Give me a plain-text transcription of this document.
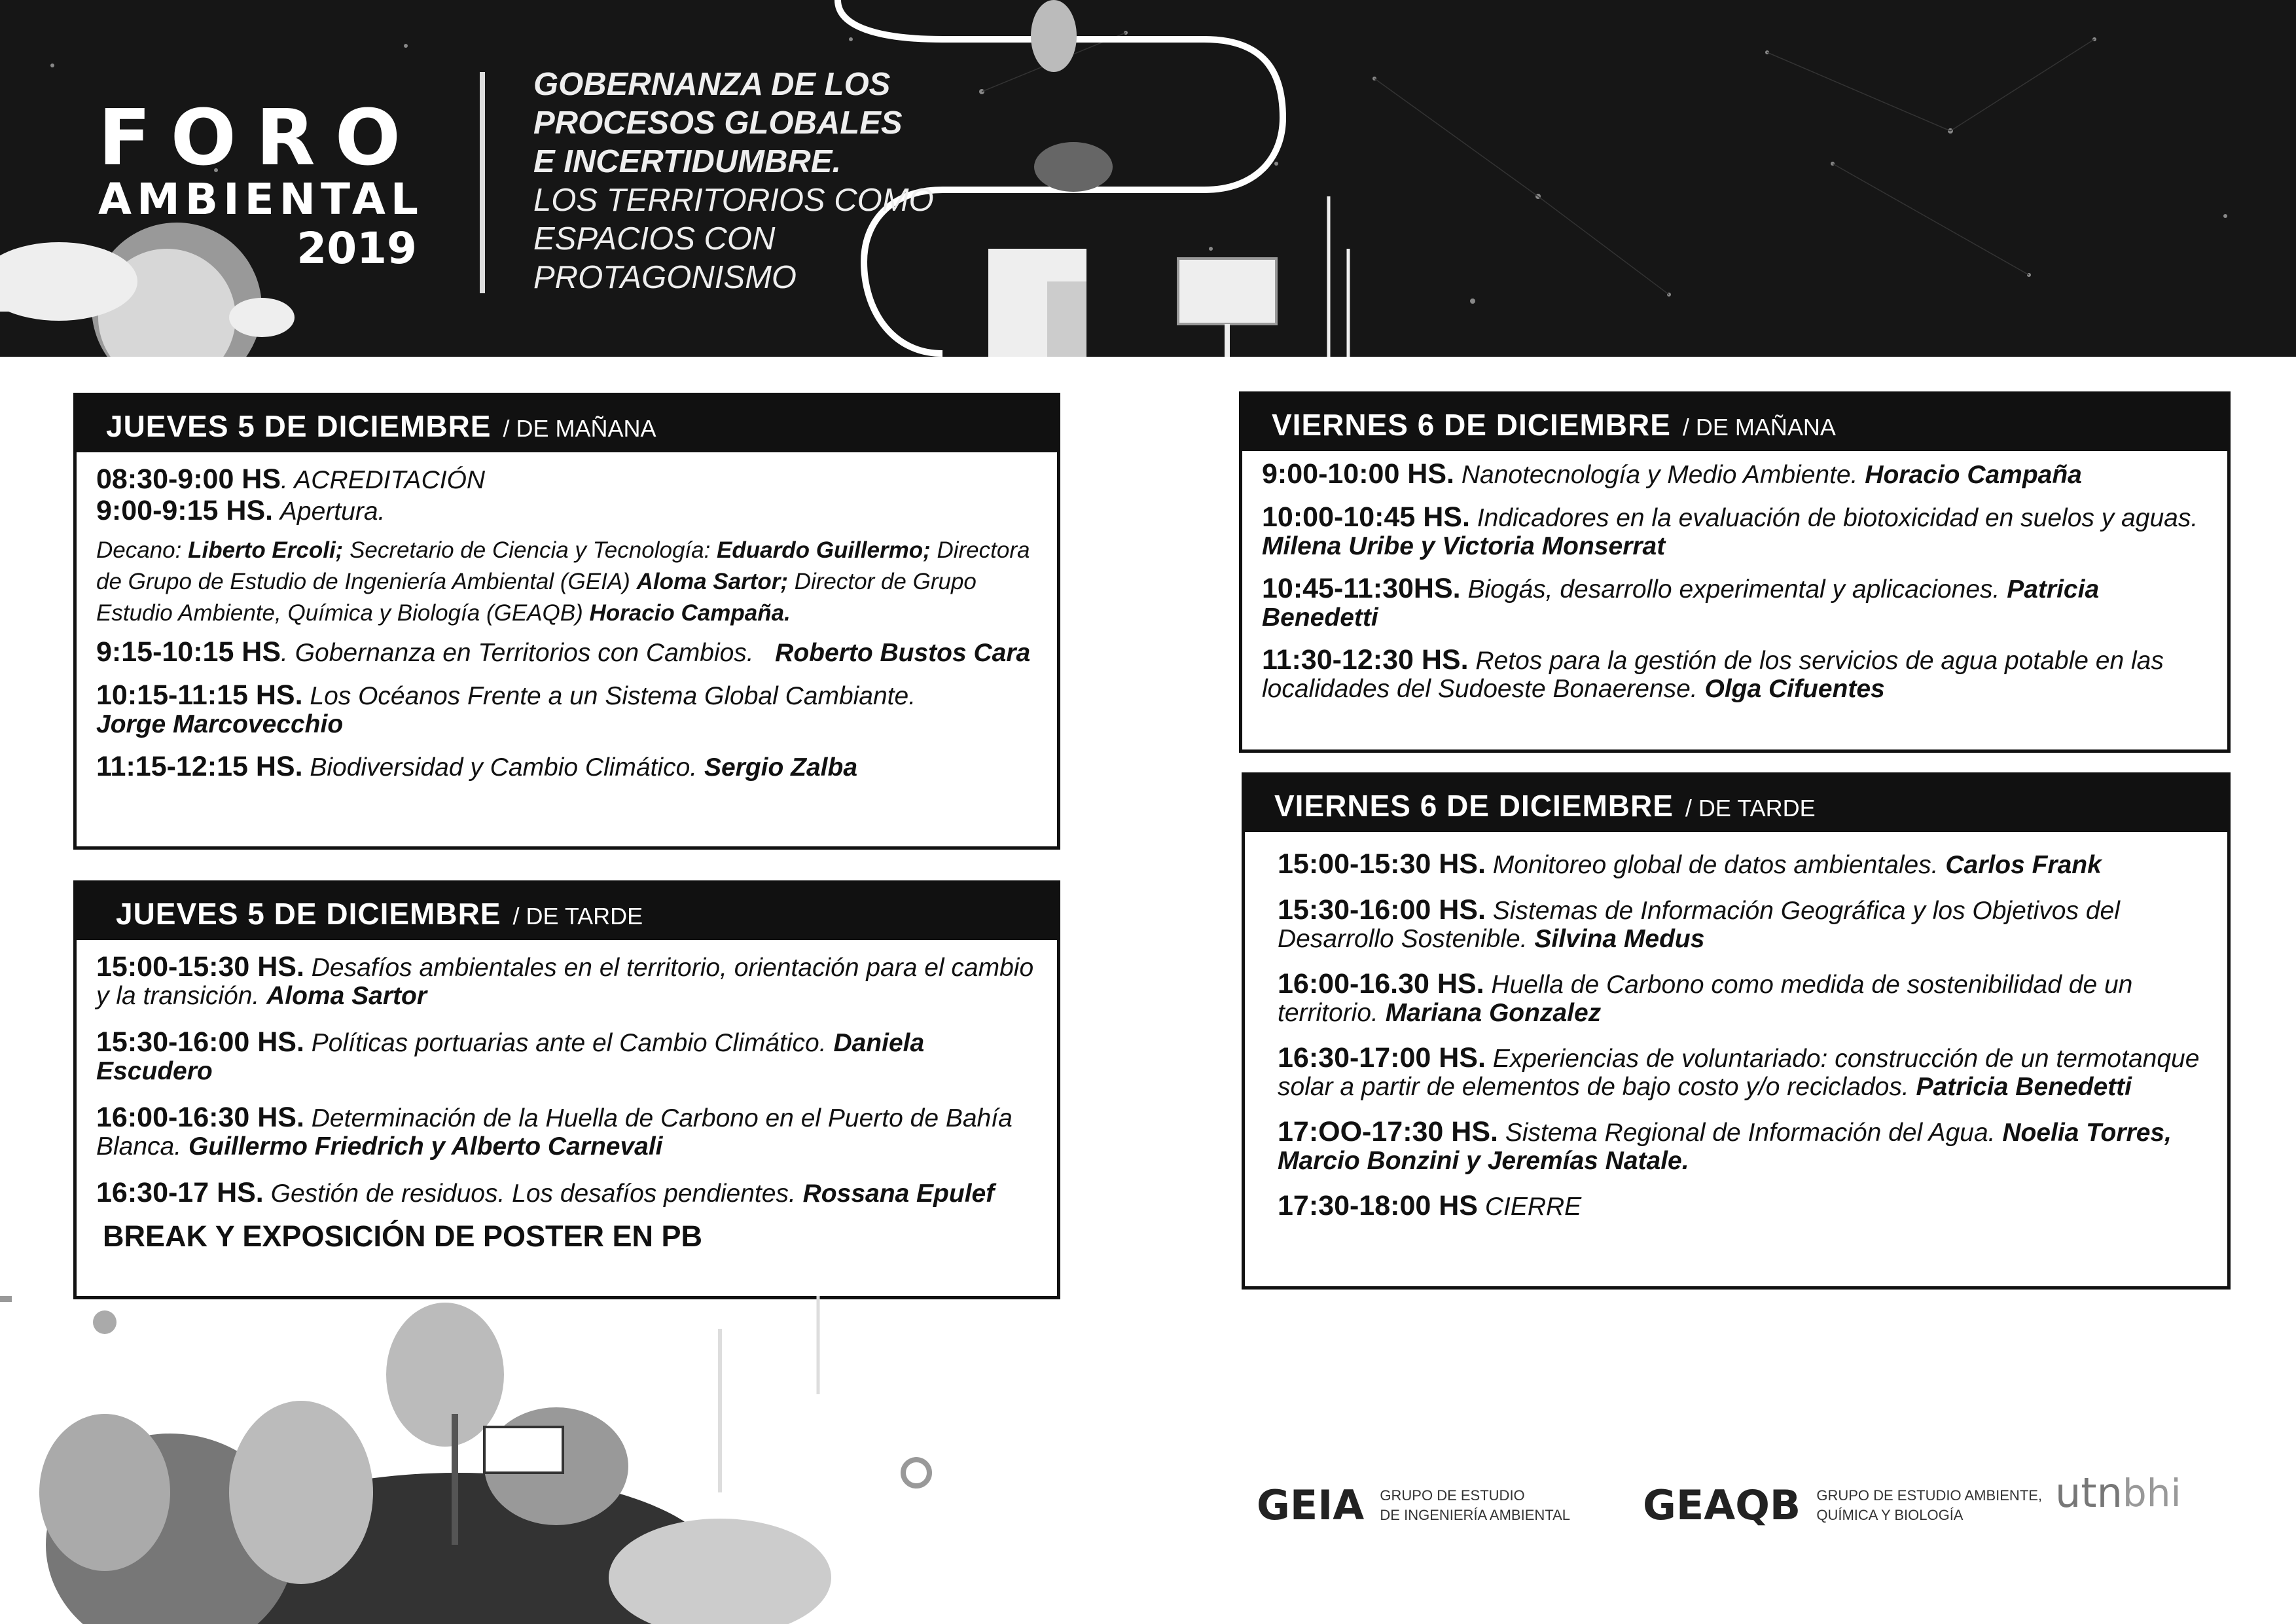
FORO
AMBIENTAL
2019
GOBERNANZA DE LOS
PROCESOS GLOBALES
E INCERTIDUMBRE.
LOS TERRITORIOS COMO
ESPACIOS CON
PROTAGONISMO
JUEVES 5 DE DICIEMBRE / DE MAÑANA
08:30-9:00 HS. ACREDITACIÓN
9:00-9:15 HS. Apertura.
Decano: Liberto Ercoli; Secretario de Ciencia y Tecnología: Eduardo Guillermo; Directora de Grupo de Estudio de Ingeniería Ambiental (GEIA) Aloma Sartor; Director de Grupo Estudio Ambiente, Química y Biología (GEAQB) Horacio Campaña.
9:15-10:15 HS. Gobernanza en Territorios con Cambios. Roberto Bustos Cara
10:15-11:15 HS. Los Océanos Frente a un Sistema Global Cambiante.
Jorge Marcovecchio
11:15-12:15 HS. Biodiversidad y Cambio Climático. Sergio Zalba
JUEVES 5 DE DICIEMBRE / DE TARDE
15:00-15:30 HS. Desafíos ambientales en el territorio, orientación para el cambio y la transición. Aloma Sartor
15:30-16:00 HS. Políticas portuarias ante el Cambio Climático. Daniela Escudero
16:00-16:30 HS. Determinación de la Huella de Carbono en el Puerto de Bahía Blanca. Guillermo Friedrich y Alberto Carnevali
16:30-17 HS. Gestión de residuos. Los desafíos pendientes. Rossana Epulef
BREAK Y EXPOSICIÓN DE POSTER EN PB
VIERNES 6 DE DICIEMBRE / DE MAÑANA
9:00-10:00 HS. Nanotecnología y Medio Ambiente. Horacio Campaña
10:00-10:45 HS. Indicadores en la evaluación de biotoxicidad en suelos y aguas. Milena Uribe y Victoria Monserrat
10:45-11:30HS. Biogás, desarrollo experimental y aplicaciones. Patricia Benedetti
11:30-12:30 HS. Retos para la gestión de los servicios de agua potable en las localidades del Sudoeste Bonaerense. Olga Cifuentes
VIERNES 6 DE DICIEMBRE / DE TARDE
15:00-15:30 HS. Monitoreo global de datos ambientales. Carlos Frank
15:30-16:00 HS. Sistemas de Información Geográfica y los Objetivos del Desarrollo Sostenible. Silvina Medus
16:00-16.30 HS. Huella de Carbono como medida de sostenibilidad de un territorio. Mariana Gonzalez
16:30-17:00 HS. Experiencias de voluntariado: construcción de un termotanque solar a partir de elementos de bajo costo y/o reciclados. Patricia Benedetti
17:OO-17:30 HS. Sistema Regional de Información del Agua. Noelia Torres, Marcio Bonzini y Jeremías Natale.
17:30-18:00 HS CIERRE
GEIA GRUPO DE ESTUDIO
DE INGENIERÍA AMBIENTAL GEAQB GRUPO DE ESTUDIO AMBIENTE,
QUÍMICA Y BIOLOGÍA	utnbhi
